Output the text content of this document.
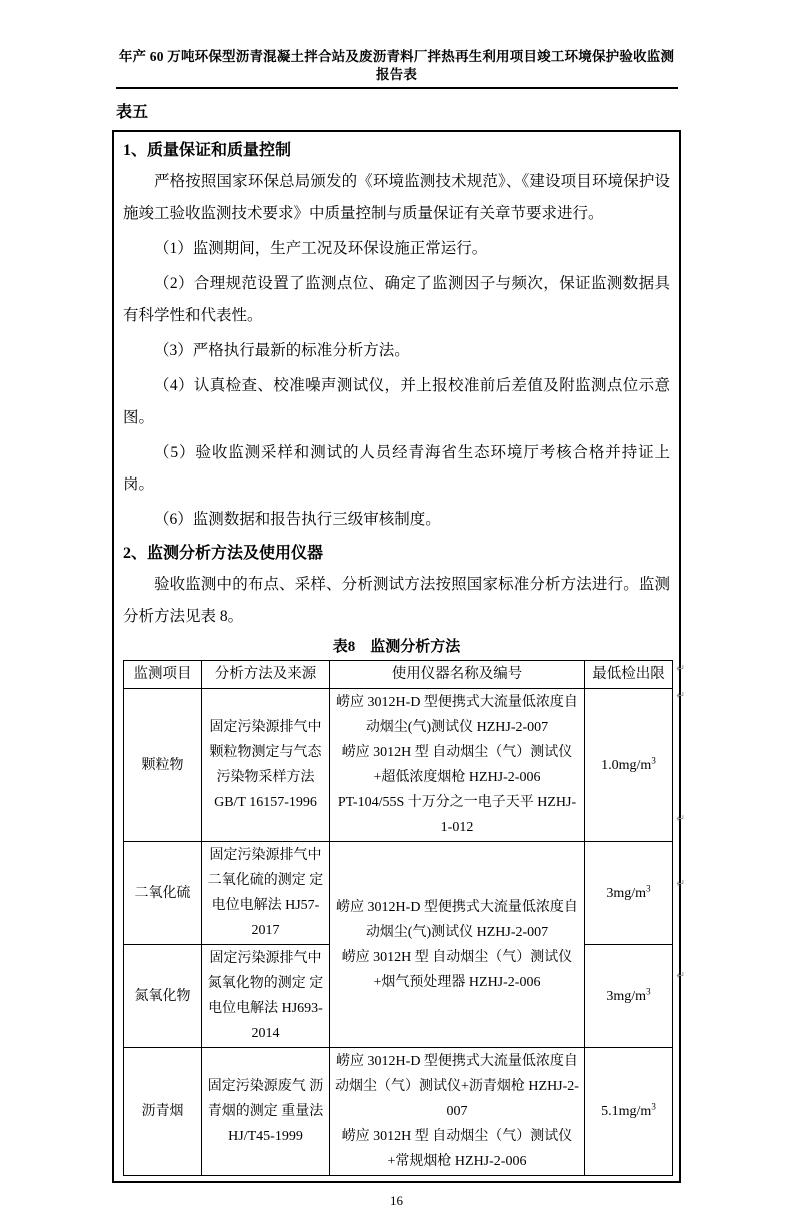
年产 60 万吨环保型沥青混凝土拌合站及废沥青料厂拌热再生利用项目竣工环境保护验收监测报告表
表五
1、质量保证和质量控制

严格按照国家环保总局颁发的《环境监测技术规范》、《建设项目环境保护设施竣工验收监测技术要求》中质量控制与质量保证有关章节要求进行。

（1）监测期间，生产工况及环保设施正常运行。

（2）合理规范设置了监测点位、确定了监测因子与频次，保证监测数据具有科学性和代表性。

（3）严格执行最新的标准分析方法。

（4）认真检查、校准噪声测试仪，并上报校准前后差值及附监测点位示意图。

（5）验收监测采样和测试的人员经青海省生态环境厅考核合格并持证上岗。

（6）监测数据和报告执行三级审核制度。

2、监测分析方法及使用仪器

验收监测中的布点、采样、分析测试方法按照国家标准分析方法进行。监测分析方法见表 8。

表8　监测分析方法
监测项目	分析方法及来源	使用仪器名称及编号	最低检出限
颗粒物	固定污染源排气中颗粒物测定与气态污染物采样方法 GB/T 16157-1996	崂应 3012H-D 型便携式大流量低浓度自动烟尘(气)测试仪 HZHJ-2-007
崂应 3012H 型 自动烟尘（气）测试仪+超低浓度烟枪 HZHJ-2-006
PT-104/55S 十万分之一电子天平 HZHJ-1-012	$1.0mg/m^3$
二氧化硫	固定污染源排气中二氧化硫的测定 定电位电解法 HJ57-2017	崂应 3012H-D 型便携式大流量低浓度自动烟尘(气)测试仪 HZHJ-2-007
崂应 3012H 型 自动烟尘（气）测试仪+烟气预处理器 HZHJ-2-006	$3mg/m^3$
氮氧化物	固定污染源排气中氮氧化物的测定 定电位电解法 HJ693-2014		$3mg/m^3$
沥青烟	固定污染源废气 沥青烟的测定 重量法 HJ/T45-1999	崂应 3012H-D 型便携式大流量低浓度自动烟尘（气）测试仪+沥青烟枪 HZHJ-2-007
崂应 3012H 型 自动烟尘（气）测试仪+常规烟枪 HZHJ-2-006	$5.1mg/m^3$
↵
↵
↵
↵
↵
16
